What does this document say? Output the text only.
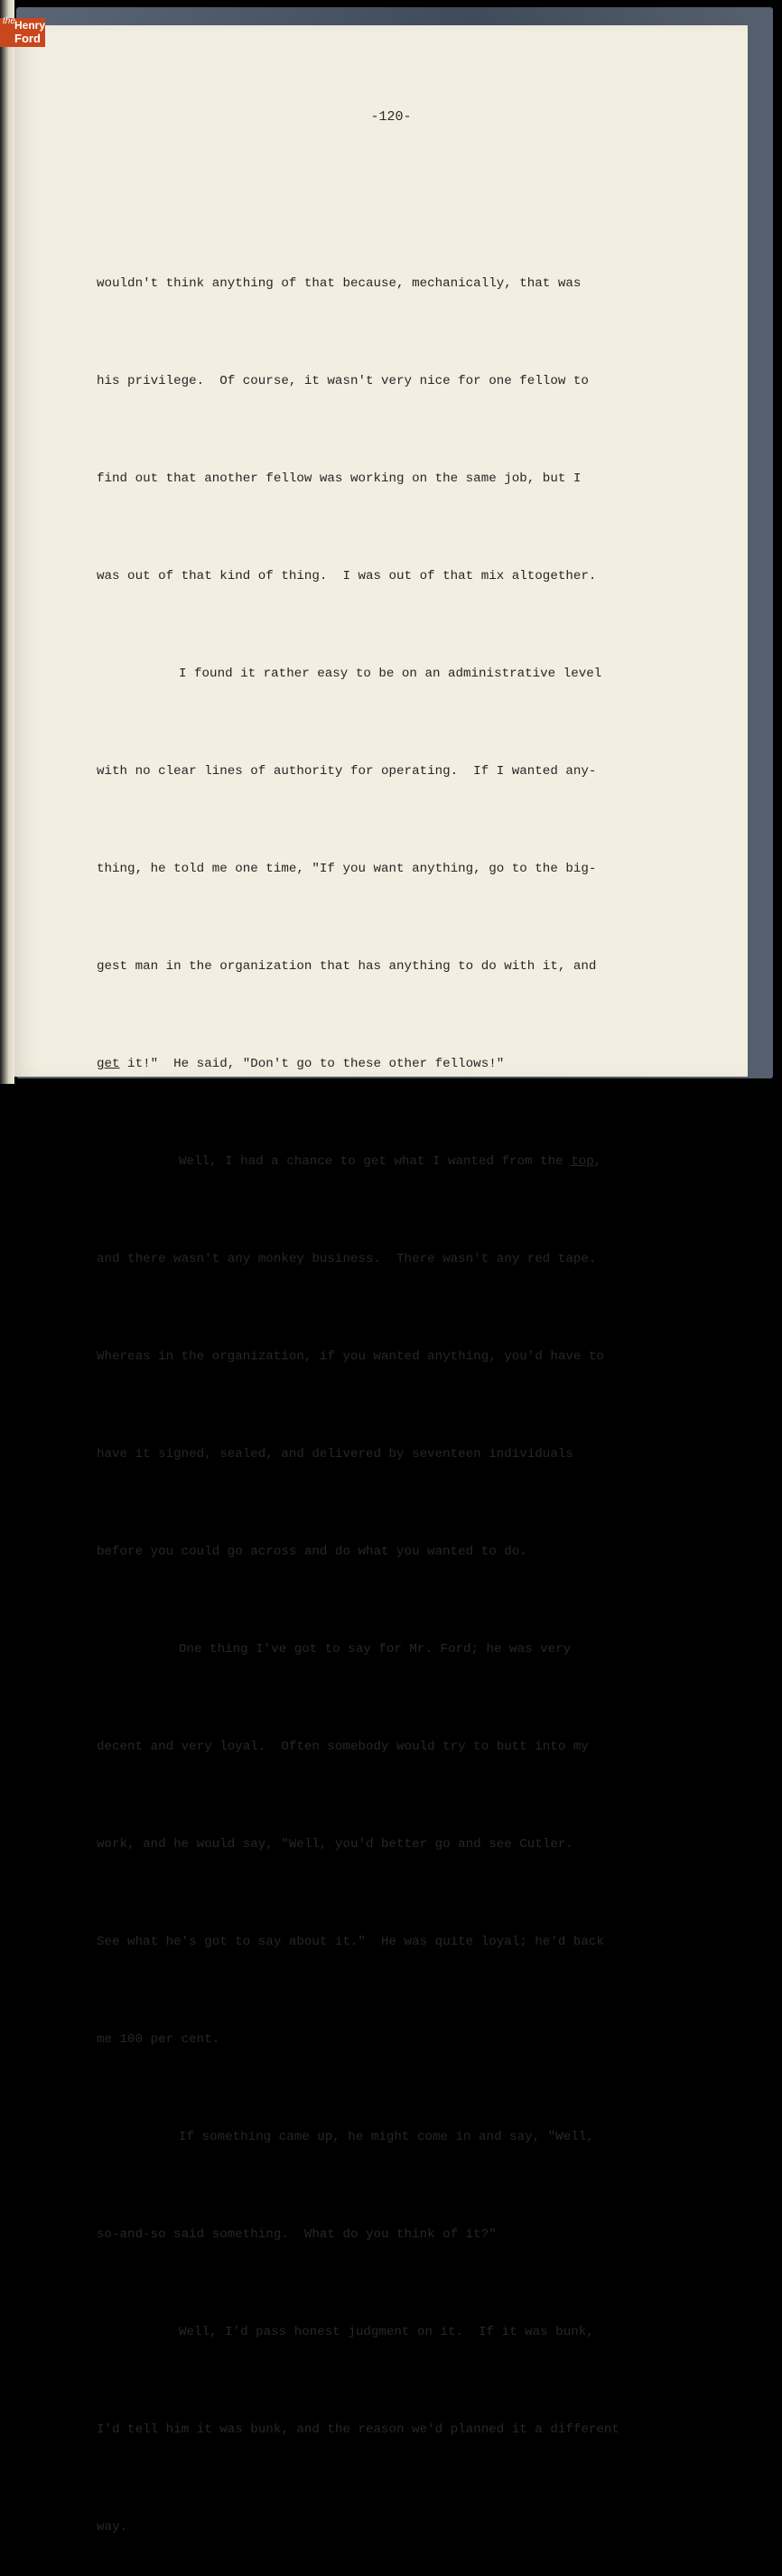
the Henry
Ford
-120-

wouldn't think anything of that because, mechanically, that was

his privilege.  Of course, it wasn't very nice for one fellow to

find out that another fellow was working on the same job, but I

was out of that kind of thing.  I was out of that mix altogether.

I found it rather easy to be on an administrative level

with no clear lines of authority for operating.  If I wanted any-

thing, he told me one time, "If you want anything, go to the big-

gest man in the organization that has anything to do with it, and

get it!"  He said, "Don't go to these other fellows!"

Well, I had a chance to get what I wanted from the top,

and there wasn't any monkey business.  There wasn't any red tape.

Whereas in the organization, if you wanted anything, you'd have to

have it signed, sealed, and delivered by seventeen individuals

before you could go across and do what you wanted to do.

One thing I've got to say for Mr. Ford; he was very

decent and very loyal.  Often somebody would try to butt into my

work, and he would say, "Well, you'd better go and see Cutler.

See what he's got to say about it."  He was quite loyal; he'd back

me 100 per cent.

If something came up, he might come in and say, "Well,

so-and-so said something.  What do you think of it?"

Well, I'd pass honest judgment on it.  If it was bunk,

I'd tell him it was bunk, and the reason we'd planned it a different

way.
